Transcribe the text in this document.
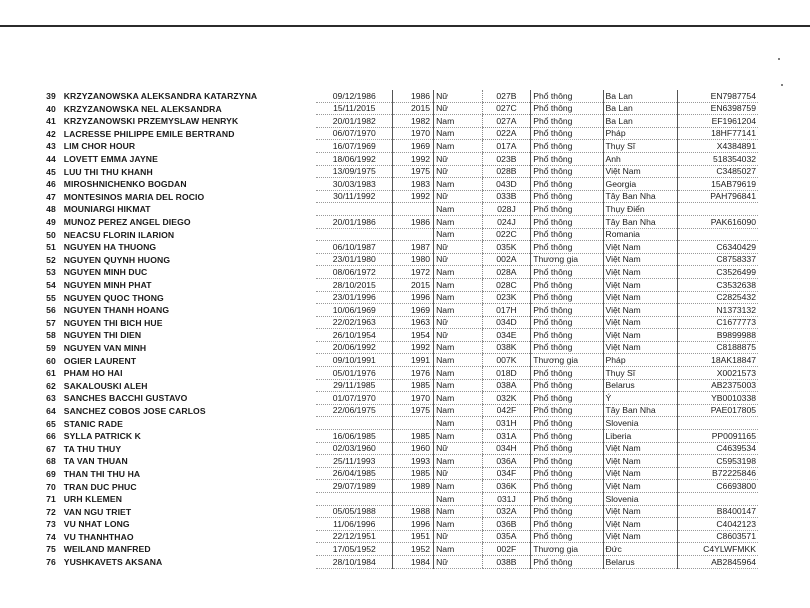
39	KRZYZANOWSKA ALEKSANDRA KATARZYNA	09/12/1986	1986	Nữ	027B	Phổ thông	Ba Lan	EN7987754
40	KRZYZANOWSKA NEL ALEKSANDRA	15/11/2015	2015	Nữ	027C	Phổ thông	Ba Lan	EN6398759
41	KRZYZANOWSKI PRZEMYSLAW HENRYK	20/01/1982	1982	Nam	027A	Phổ thông	Ba Lan	EF1961204
42	LACRESSE PHILIPPE EMILE BERTRAND	06/07/1970	1970	Nam	022A	Phổ thông	Pháp	18HF77141
43	LIM CHOR HOUR	16/07/1969	1969	Nam	017A	Phổ thông	Thụy Sĩ	X4384891
44	LOVETT EMMA JAYNE	18/06/1992	1992	Nữ	023B	Phổ thông	Anh	518354032
45	LUU THI THU KHANH	13/09/1975	1975	Nữ	028B	Phổ thông	Việt Nam	C3485027
46	MIROSHNICHENKO BOGDAN	30/03/1983	1983	Nam	043D	Phổ thông	Georgia	15AB79619
47	MONTESINOS MARIA DEL ROCIO	30/11/1992	1992	Nữ	033B	Phổ thông	Tây Ban Nha	PAH796841
48	MOUNIARGI HIKMAT			Nam	028J	Phổ thông	Thụy Điển	
49	MUNOZ PEREZ ANGEL DIEGO	20/01/1986	1986	Nam	024J	Phổ thông	Tây Ban Nha	PAK616090
50	NEACSU FLORIN ILARION			Nam	022C	Phổ thông	Romania	
51	NGUYEN HA THUONG	06/10/1987	1987	Nữ	035K	Phổ thông	Việt Nam	C6340429
52	NGUYEN QUYNH HUONG	23/01/1980	1980	Nữ	002A	Thương gia	Việt Nam	C8758337
53	NGUYEN MINH DUC	08/06/1972	1972	Nam	028A	Phổ thông	Việt Nam	C3526499
54	NGUYEN MINH PHAT	28/10/2015	2015	Nam	028C	Phổ thông	Việt Nam	C3532638
55	NGUYEN QUOC THONG	23/01/1996	1996	Nam	023K	Phổ thông	Việt Nam	C2825432
56	NGUYEN THANH HOANG	10/06/1969	1969	Nam	017H	Phổ thông	Việt Nam	N1373132
57	NGUYEN THI BICH HUE	22/02/1963	1963	Nữ	034D	Phổ thông	Việt Nam	C1677773
58	NGUYEN THI DIEN	26/10/1954	1954	Nữ	034E	Phổ thông	Việt Nam	B9899988
59	NGUYEN VAN MINH	20/06/1992	1992	Nam	038K	Phổ thông	Việt Nam	C8188875
60	OGIER LAURENT	09/10/1991	1991	Nam	007K	Thương gia	Pháp	18AK18847
61	PHAM HO HAI	05/01/1976	1976	Nam	018D	Phổ thông	Thụy Sĩ	X0021573
62	SAKALOUSKI ALEH	29/11/1985	1985	Nam	038A	Phổ thông	Belarus	AB2375003
63	SANCHES BACCHI GUSTAVO	01/07/1970	1970	Nam	032K	Phổ thông	Ý	YB0010338
64	SANCHEZ COBOS JOSE CARLOS	22/06/1975	1975	Nam	042F	Phổ thông	Tây Ban Nha	PAE017805
65	STANIC RADE			Nam	031H	Phổ thông	Slovenia	
66	SYLLA PATRICK K	16/06/1985	1985	Nam	031A	Phổ thông	Liberia	PP0091165
67	TA THU THUY	02/03/1960	1960	Nữ	034H	Phổ thông	Việt Nam	C4639534
68	TA VAN THUAN	25/11/1993	1993	Nam	036A	Phổ thông	Việt Nam	C5953198
69	THAN THI THU HA	26/04/1985	1985	Nữ	034F	Phổ thông	Việt Nam	B72225846
70	TRAN DUC PHUC	29/07/1989	1989	Nam	036K	Phổ thông	Việt Nam	C6693800
71	URH KLEMEN			Nam	031J	Phổ thông	Slovenia	
72	VAN NGU TRIET	05/05/1988	1988	Nam	032A	Phổ thông	Việt Nam	B8400147
73	VU NHAT LONG	11/06/1996	1996	Nam	036B	Phổ thông	Việt Nam	C4042123
74	VU THANHTHAO	22/12/1951	1951	Nữ	035A	Phổ thông	Việt Nam	C8603571
75	WEILAND MANFRED	17/05/1952	1952	Nam	002F	Thương gia	Đức	C4YLWFMKK
76	YUSHKAVETS AKSANA	28/10/1984	1984	Nữ	038B	Phổ thông	Belarus	AB2845964
